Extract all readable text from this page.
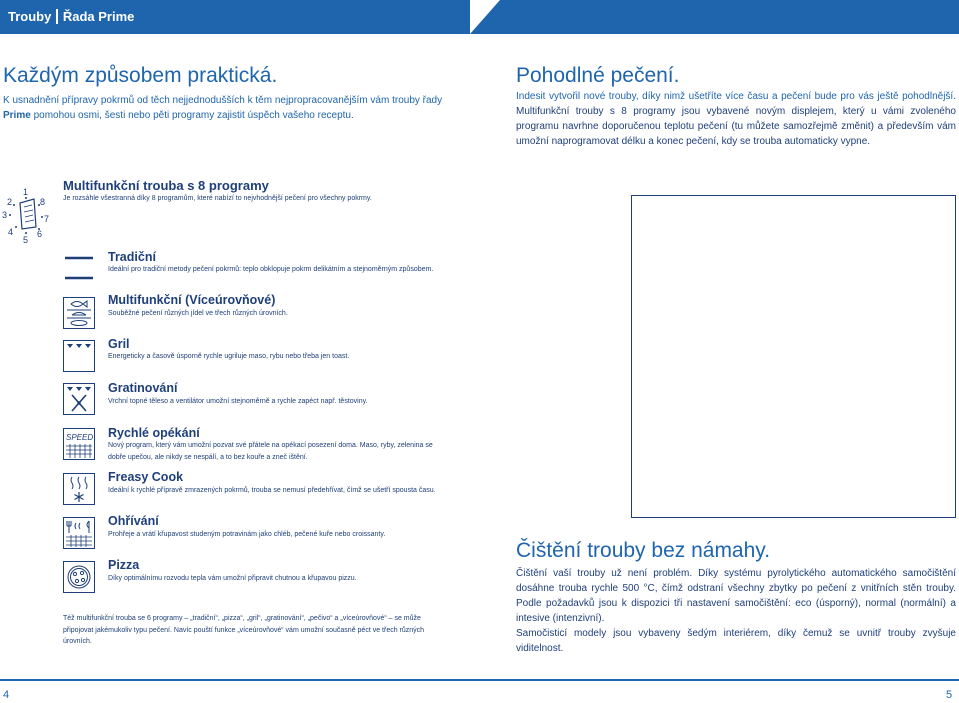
Trouby Řada Prime
Každým způsobem praktická.
K usnadnění přípravy pokrmů od těch nejjednodušších k těm nejpropracovanějším vám trouby řady Prime pomohou osmi, šesti nebo pěti programy zajistit úspěch vašeho receptu.
Pohodlné pečení.
Indesit vytvořil nové trouby, díky nimž ušetříte více času a pečení bude pro vás ještě pohodlnější. Multifunkční trouby s 8 programy jsou vybavené novým displejem, který u vámi zvoleného programu navrhne doporučenou teplotu pečení (tu můžete samozřejmě změnit) a především vám umožní naprogramovat délku a konec pečení, kdy se trouba automaticky vypne.
1
2
3
4
5
6
7
8
Multifunkční trouba s 8 programy
Je rozsáhle všestranná díky 8 programům, které nabízí to nejvhodnější pečení pro všechny pokrmy.
Tradiční
Ideální pro tradiční metody pečení pokrmů: teplo obklopuje pokrm delikátním a stejnoměrným způsobem.
Multifunkční (Víceúrovňové)
Souběžné pečení různých jídel ve třech různých úrovních.
Gril
Energeticky a časově úsporně rychle ugriluje maso, rybu nebo třeba jen toast.
Gratinování
Vrchní topné těleso a ventilátor umožní stejnoměrně a rychle zapéct např. těstoviny.
SPEED Rychlé opékání
Nový program, který vám umožní pozvat své přátele na opékací posezení doma. Maso, ryby, zelenina se dobře upečou, ale nikdy se nespálí, a to bez kouře a zneč ištění.
Freasy Cook
Ideální k rychlé přípravě zmrazených pokrmů, trouba se nemusí předehřívat, čímž se ušetří spousta času.
Ohřívání
Prohřeje a vrátí křupavost studeným potravinám jako chléb, pečené kuře nebo croissanty.
Pizza
Díky optimálnímu rozvodu tepla vám umožní připravit chutnou a křupavou pizzu.
Též multifunkční trouba se 6 programy – „tradiční“, „pizza“, „gril“, „gratinování“, „pečivo“ a „víceúrovňové“ – se může připojovat jakémukoliv typu pečení. Navíc pouští funkce „víceúrovňové“ vám umožní současně péct ve třech různých úrovních.
Čištění trouby bez námahy.
Čištění vaší trouby už není problém. Díky systému pyrolytického automatického samočištění dosáhne trouba rychle 500 °C, čímž odstraní všechny zbytky po pečení z vnitřních stěn trouby. Podle požadavků jsou k dispozici tři nastavení samočištění: eco (úsporný), normal (normální) a intesive (intenzivní).
Samočisticí modely jsou vybaveny šedým interiérem, díky čemuž se uvnitř trouby zvyšuje viditelnost.
4	5
